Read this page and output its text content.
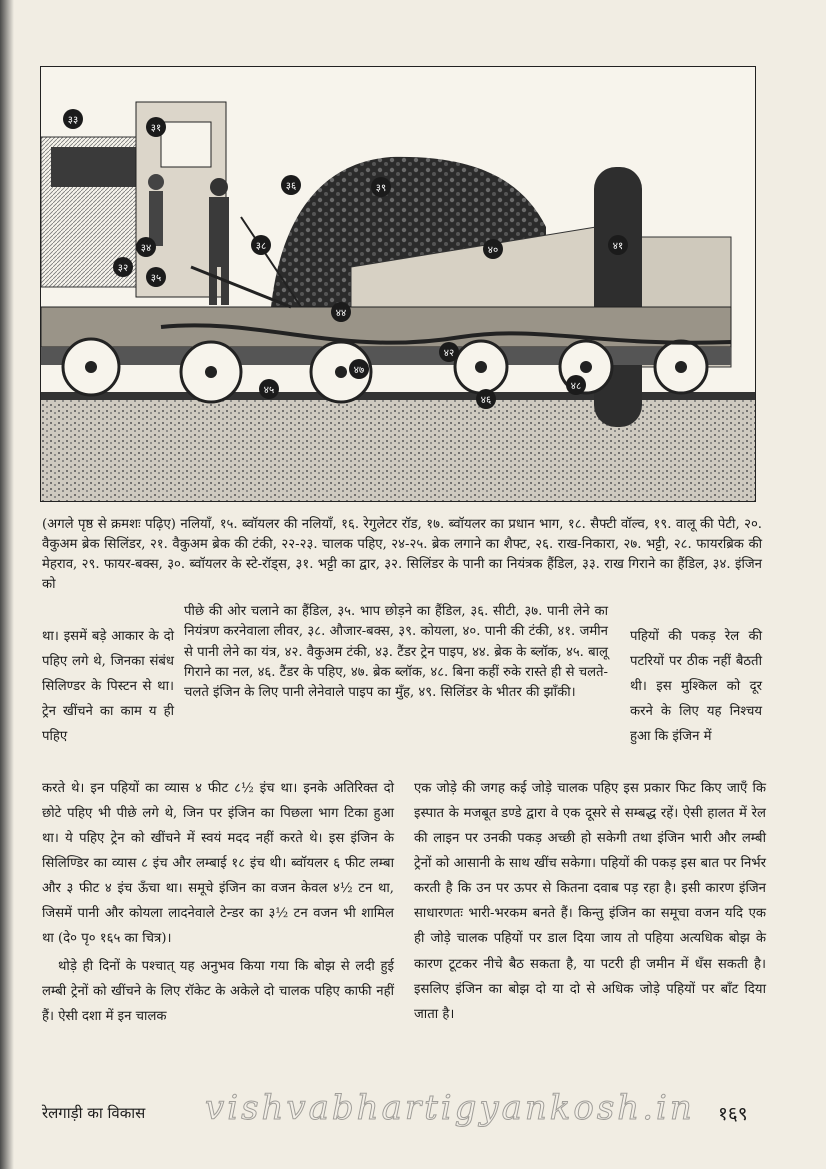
३३
३१
३४
३२
३५
३६
३८
३९
४०	४१
४२
४४
४५
४६
४७
४८
(अगले पृष्ठ से क्रमशः पढ़िए) नलियाँ, १५. ब्वॉयलर की नलियाँ, १६. रेगुलेटर रॉड, १७. ब्वॉयलर का प्रधान भाग, १८. सैफ्टी वॉल्व, १९. वालू की पेटी, २०. वैकुअम ब्रेक सिलिंडर, २१. वैकुअम ब्रेक की टंकी, २२-२३. चालक पहिए, २४-२५. ब्रेक लगाने का शैफ्ट, २६. राख-निकारा, २७. भट्टी, २८. फायरब्रिक की मेहराव, २९. फायर-बक्स, ३०. ब्वॉयलर के स्टे-रॉड्स, ३१. भट्टी का द्वार, ३२. सिलिंडर के पानी का नियंत्रक हैंडिल, ३३. राख गिराने का हैंडिल, ३४. इंजिन को
पीछे की ओर चलाने का हैंडिल, ३५. भाप छोड़ने का हैंडिल, ३६. सीटी, ३७. पानी लेने का नियंत्रण करनेवाला लीवर, ३८. औजार-बक्स, ३९. कोयला, ४०. पानी की टंकी, ४१. जमीन से पानी लेने का यंत्र, ४२. वैकुअम टंकी, ४३. टैंडर ट्रेन पाइप, ४४. ब्रेक के ब्लॉक, ४५. बालू गिराने का नल, ४६. टैंडर के पहिए, ४७. ब्रेक ब्लॉक, ४८. बिना कहीं रुके रास्ते ही से चलते-चलते इंजिन के लिए पानी लेनेवाले पाइप का मुँह, ४९. सिलिंडर के भीतर की झाँकी।
था। इसमें बड़े आकार के दो पहिए लगे थे, जिनका संबंध सिलिण्डर के पिस्टन से था। ट्रेन खींचने का काम य ही पहिए
पहियों की पकड़ रेल की पटरियों पर ठीक नहीं बैठती थी। इस मुश्किल को दूर करने के लिए यह निश्चय हुआ कि इंजिन में

करते थे। इन पहियों का व्यास ४ फीट ८½ इंच था। इनके अतिरिक्त दो छोटे पहिए भी पीछे लगे थे, जिन पर इंजिन का पिछला भाग टिका हुआ था। ये पहिए ट्रेन को खींचने में स्वयं मदद नहीं करते थे। इस इंजिन के सिलिण्डिर का व्यास ८ इंच और लम्बाई १८ इंच थी। ब्वॉयलर ६ फीट लम्बा और ३ फीट ४ इंच ऊँचा था। समूचे इंजिन का वजन केवल ४½ टन था, जिसमें पानी और कोयला लादनेवाले टेन्डर का ३½ टन वजन भी शामिल था (दे० पृ० १६५ का चित्र)।

थोड़े ही दिनों के पश्चात् यह अनुभव किया गया कि बोझ से लदी हुई लम्बी ट्रेनों को खींचने के लिए रॉकेट के अकेले दो चालक पहिए काफी नहीं हैं। ऐसी दशा में इन चालक

एक जोड़े की जगह कई जोड़े चालक पहिए इस प्रकार फिट किए जाएँ कि इस्पात के मजबूत डण्डे द्वारा वे एक दूसरे से सम्बद्ध रहें। ऐसी हालत में रेल की लाइन पर उनकी पकड़ अच्छी हो सकेगी तथा इंजिन भारी और लम्बी ट्रेनों को आसानी के साथ खींच सकेगा। पहियों की पकड़ इस बात पर निर्भर करती है कि उन पर ऊपर से कितना दवाब पड़ रहा है। इसी कारण इंजिन साधारणतः भारी-भरकम बनते हैं। किन्तु इंजिन का समूचा वजन यदि एक ही जोड़े चालक पहियों पर डाल दिया जाय तो पहिया अत्यधिक बोझ के कारण टूटकर नीचे बैठ सकता है, या पटरी ही जमीन में धँस सकती है। इसलिए इंजिन का बोझ दो या दो से अधिक जोड़े पहियों पर बाँट दिया जाता है।

रेलगाड़ी का विकास vishvabhartigyankosh.in १६९
